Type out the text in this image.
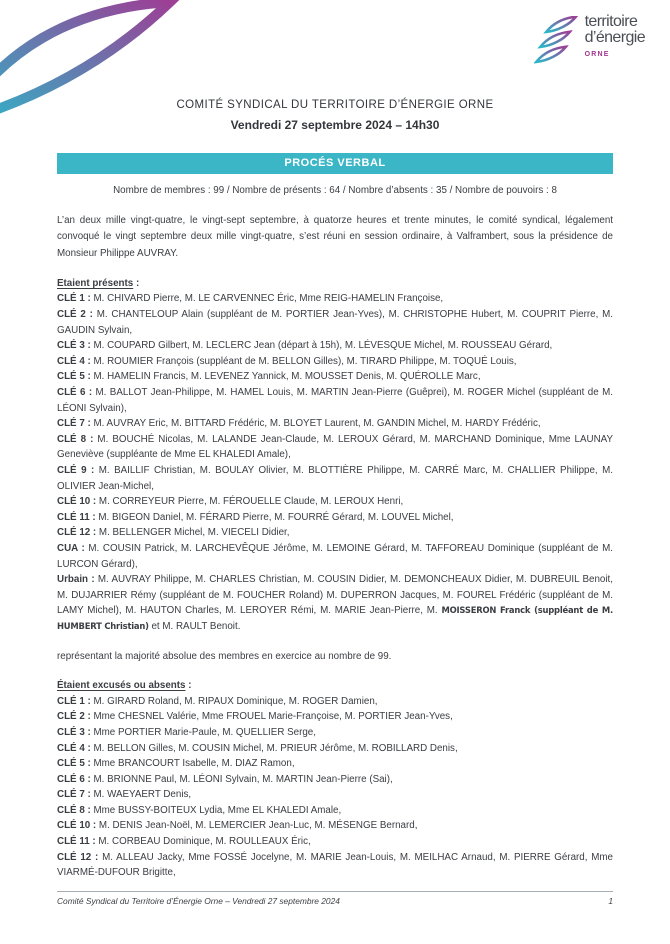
territoire
d’énergie
ORNE
COMITÉ SYNDICAL DU TERRITOIRE D’ÉNERGIE ORNE
Vendredi 27 septembre 2024 – 14h30
PROCÉS VERBAL

Nombre de membres : 99 / Nombre de présents : 64 / Nombre d’absents : 35 / Nombre de pouvoirs : 8

L’an deux mille vingt-quatre, le vingt-sept septembre, à quatorze heures et trente minutes, le comité syndical, légalement convoqué le vingt septembre deux mille vingt-quatre, s’est réuni en session ordinaire, à Valframbert, sous la présidence de Monsieur Philippe AUVRAY.

Etaient présents :

CLÉ 1 : M. CHIVARD Pierre, M. LE CARVENNEC Éric, Mme REIG-HAMELIN Françoise,

CLÉ 2 : M. CHANTELOUP Alain (suppléant de M. PORTIER Jean-Yves), M. CHRISTOPHE Hubert, M. COUPRIT Pierre, M. GAUDIN Sylvain,

CLÉ 3 : M. COUPARD Gilbert, M. LECLERC Jean (départ à 15h), M. LÉVESQUE Michel, M. ROUSSEAU Gérard,

CLÉ 4 : M. ROUMIER François (suppléant de M. BELLON Gilles), M. TIRARD Philippe, M. TOQUÉ Louis,

CLÉ 5 : M. HAMELIN Francis, M. LEVENEZ Yannick, M. MOUSSET Denis, M. QUÉROLLE Marc,

CLÉ 6 : M. BALLOT Jean-Philippe, M. HAMEL Louis, M. MARTIN Jean-Pierre (Guêprei), M. ROGER Michel (suppléant de M. LÉONI Sylvain),

CLÉ 7 : M. AUVRAY Eric, M. BITTARD Frédéric, M. BLOYET Laurent, M. GANDIN Michel, M. HARDY Frédéric,

CLÉ 8 : M. BOUCHÉ Nicolas, M. LALANDE Jean-Claude, M. LEROUX Gérard, M. MARCHAND Dominique, Mme LAUNAY Geneviève (suppléante de Mme EL KHALEDI Amale),

CLÉ 9 : M. BAILLIF Christian, M. BOULAY Olivier, M. BLOTTIÈRE Philippe, M. CARRÉ Marc, M. CHALLIER Philippe, M. OLIVIER Jean-Michel,

CLÉ 10 : M. CORREYEUR Pierre, M. FÉROUELLE Claude, M. LEROUX Henri,

CLÉ 11 : M. BIGEON Daniel, M. FÉRARD Pierre, M. FOURRÉ Gérard, M. LOUVEL Michel,

CLÉ 12 : M. BELLENGER Michel, M. VIECELI Didier,

CUA : M. COUSIN Patrick, M. LARCHEVÊQUE Jérôme, M. LEMOINE Gérard, M. TAFFOREAU Dominique (suppléant de M. LURCON Gérard),

Urbain : M. AUVRAY Philippe, M. CHARLES Christian, M. COUSIN Didier, M. DEMONCHEAUX Didier, M. DUBREUIL Benoit, M. DUJARRIER Rémy (suppléant de M. FOUCHER Roland) M. DUPERRON Jacques, M. FOUREL Frédéric (suppléant de M. LAMY Michel), M. HAUTON Charles, M. LEROYER Rémi, M. MARIE Jean-Pierre, M. MOISSERON Franck (suppléant de M. HUMBERT Christian) et M. RAULT Benoit.

représentant la majorité absolue des membres en exercice au nombre de 99.

Étaient excusés ou absents :

CLÉ 1 : M. GIRARD Roland, M. RIPAUX Dominique, M. ROGER Damien,

CLÉ 2 : Mme CHESNEL Valérie, Mme FROUEL Marie-Françoise, M. PORTIER Jean-Yves,

CLÉ 3 : Mme PORTIER Marie-Paule, M. QUELLIER Serge,

CLÉ 4 : M. BELLON Gilles, M. COUSIN Michel, M. PRIEUR Jérôme, M. ROBILLARD Denis,

CLÉ 5 : Mme BRANCOURT Isabelle, M. DIAZ Ramon,

CLÉ 6 : M. BRIONNE Paul, M. LÉONI Sylvain, M. MARTIN Jean-Pierre (Sai),

CLÉ 7 : M. WAEYAERT Denis,

CLÉ 8 : Mme BUSSY-BOITEUX Lydia, Mme EL KHALEDI Amale,

CLÉ 10 : M. DENIS Jean-Noël, M. LEMERCIER Jean-Luc, M. MÉSENGE Bernard,

CLÉ 11 : M. CORBEAU Dominique, M. ROULLEAUX Éric,

CLÉ 12 : M. ALLEAU Jacky, Mme FOSSÉ Jocelyne, M. MARIE Jean-Louis, M. MEILHAC Arnaud, M. PIERRE Gérard, Mme VIARMÉ-DUFOUR Brigitte,

Comité Syndical du Territoire d’Énergie Orne – Vendredi 27 septembre 2024	1
